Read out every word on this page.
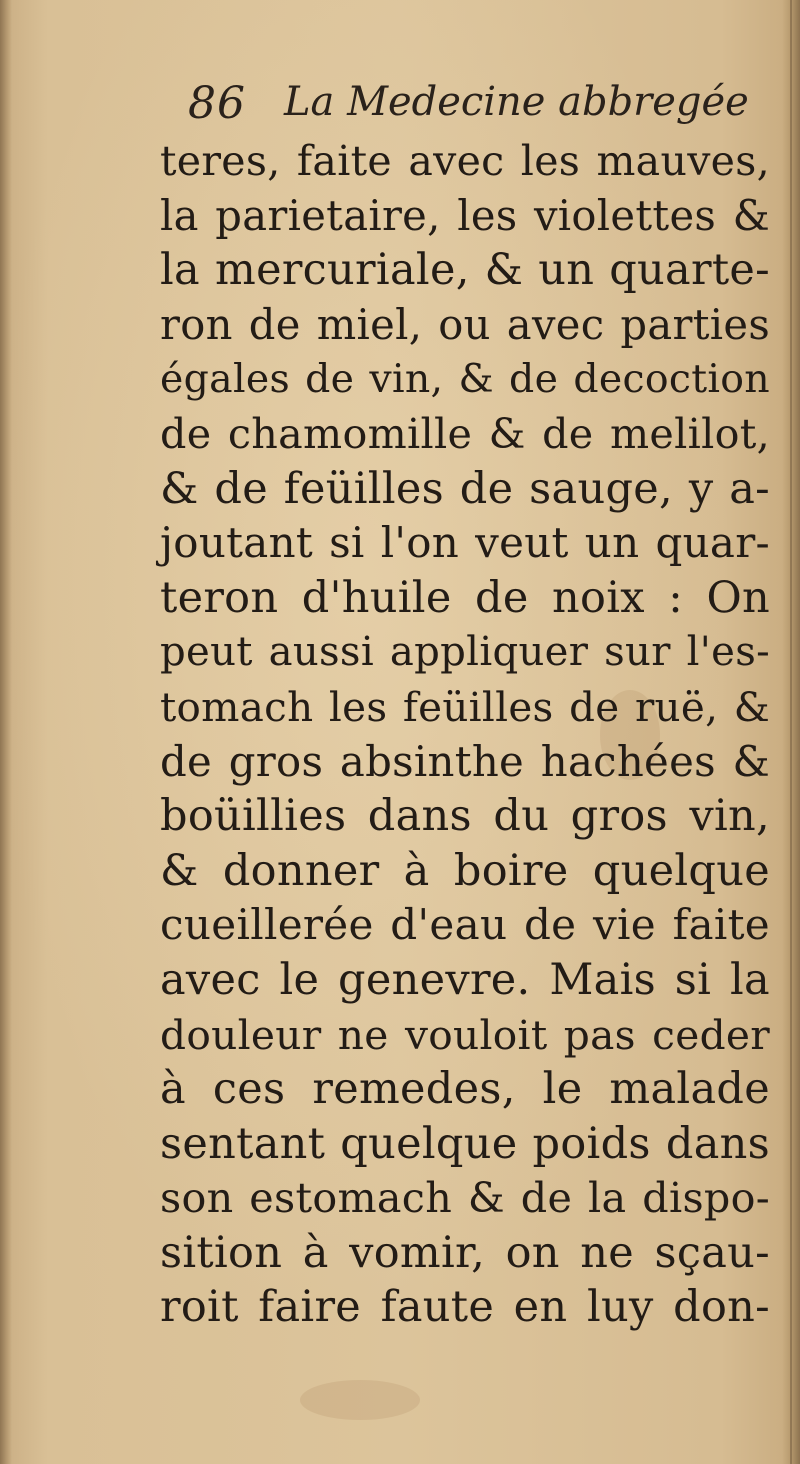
86 La Medecine abbregée
teres, faite avec les mauves,
la parietaire, les violettes &
la mercuriale, & un quarte-
ron de miel, ou avec parties
égales de vin, & de decoction
de chamomille & de melilot,
& de feüilles de sauge, y a-
joutant si l'on veut un quar-
teron d'huile de noix : On
peut aussi appliquer sur l'es-
tomach les feüilles de ruë, &
de gros absinthe hachées &
boüillies dans du gros vin,
& donner à boire quelque
cueillerée d'eau de vie faite
avec le genevre. Mais si la
douleur ne vouloit pas ceder
à ces remedes, le malade
sentant quelque poids dans
son estomach & de la dispo-
sition à vomir, on ne sçau-
roit faire faute en luy don-
